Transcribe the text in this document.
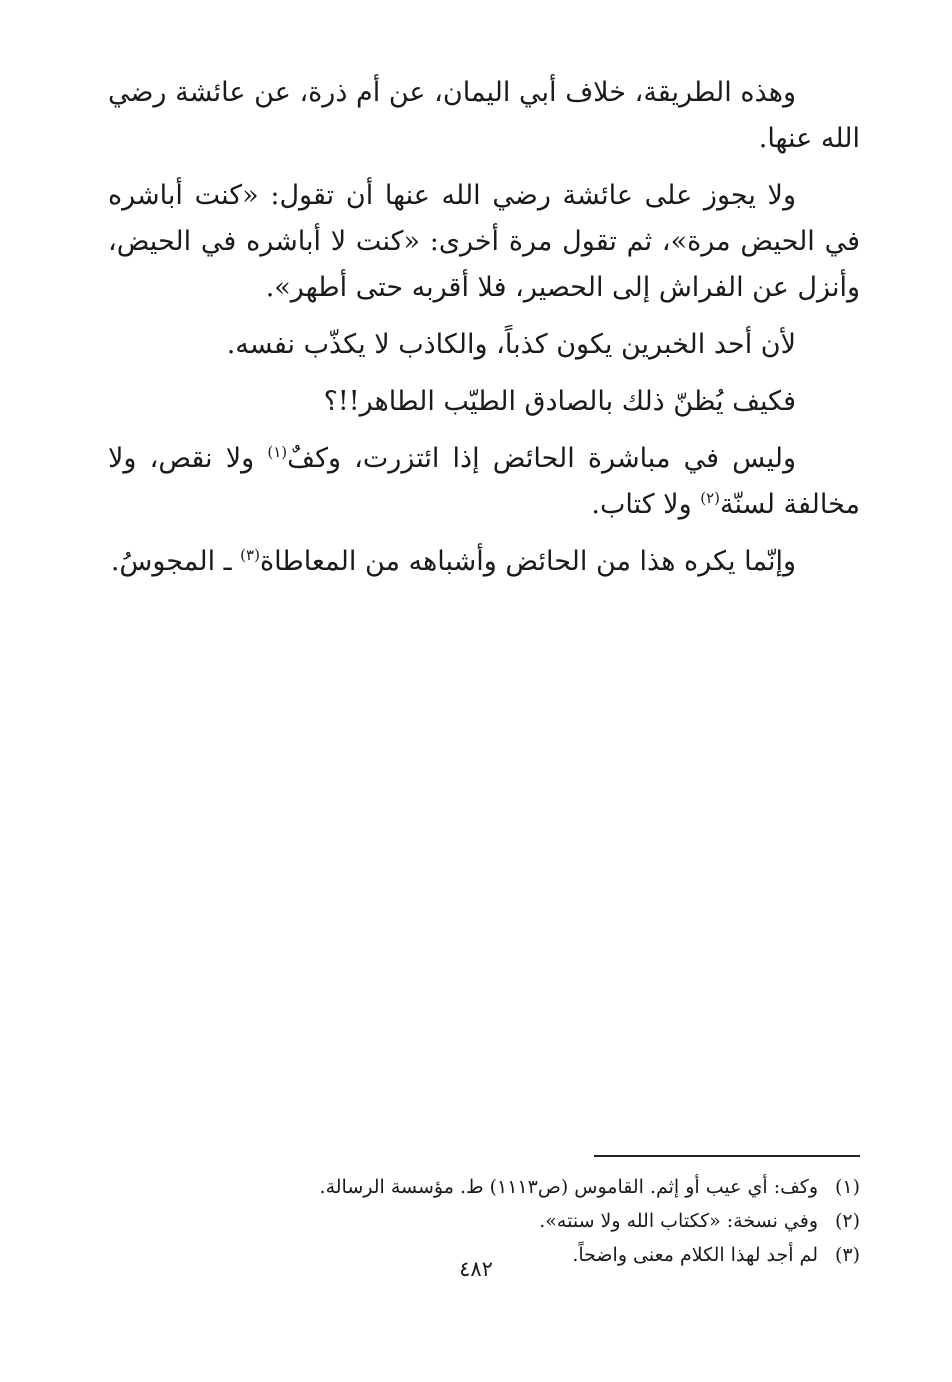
وهذه الطريقة، خلاف أبي اليمان، عن أم ذرة، عن عائشة رضي الله عنها.

ولا يجوز على عائشة رضي الله عنها أن تقول: «كنت أباشره في الحيض مرة»، ثم تقول مرة أخرى: «كنت لا أباشره في الحيض، وأنزل عن الفراش إلى الحصير، فلا أقربه حتى أطهر».

لأن أحد الخبرين يكون كذباً، والكاذب لا يكذّب نفسه.

فكيف يُظنّ ذلك بالصادق الطيّب الطاهر!!؟

وليس في مباشرة الحائض إذا ائتزرت، وكفٌ$^{(١)}$ ولا نقص، ولا مخالفة لسنّة$^{(٢)}$ ولا كتاب.

وإنّما يكره هذا من الحائض وأشباهه من المعاطاة$^{(٣)}$ ـ المجوسُ.

(١)وكف: أي عيب أو إثم. القاموس (ص١١١٣) ط. مؤسسة الرسالة.

(٢)وفي نسخة: «ككتاب الله ولا سنته».

(٣)لم أجد لهذا الكلام معنى واضحاً.

٤٨٢
